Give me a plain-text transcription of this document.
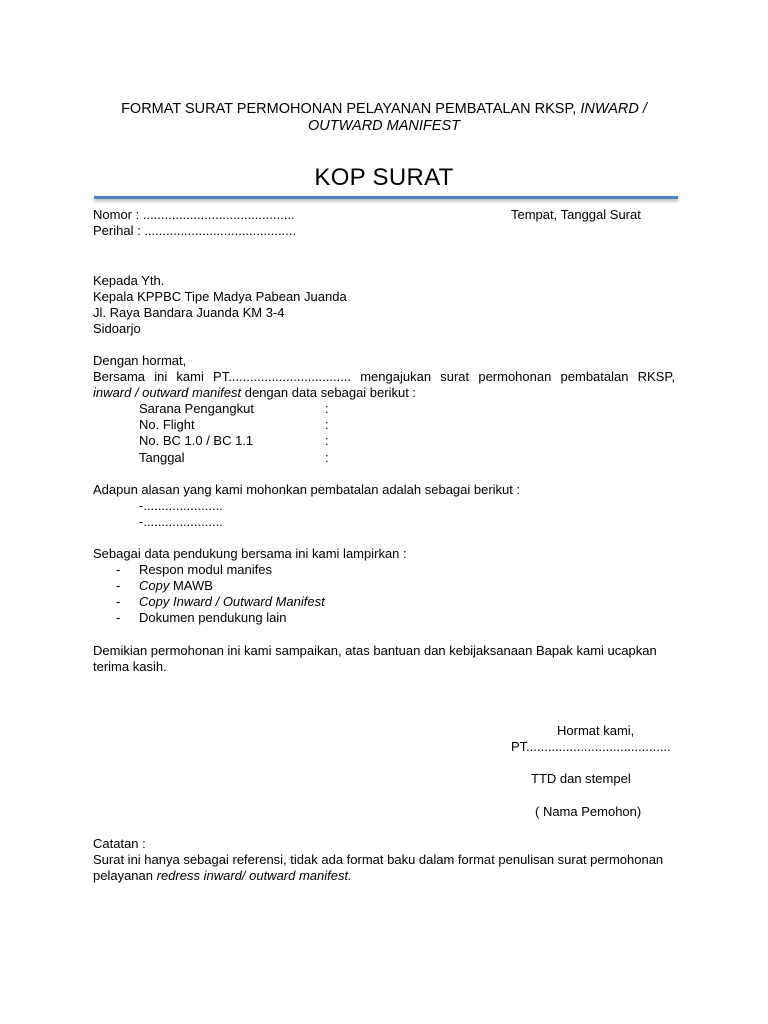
FORMAT SURAT PERMOHONAN PELAYANAN PEMBATALAN RKSP, INWARD /
OUTWARD MANIFEST
KOP SURAT
Nomor : ..........................................
Perihal : ..........................................
Tempat, Tanggal Surat
Kepada Yth.
Kepala KPPBC Tipe Madya Pabean Juanda
Jl. Raya Bandara Juanda KM 3-4
Sidoarjo
Dengan hormat,
Bersama ini kami PT.................................. mengajukan surat permohonan pembatalan RKSP,
inward / outward manifest dengan data sebagai berikut :
Sarana Pengangkut	:
No. Flight	:
No. BC 1.0 / BC 1.1	:
Tanggal	:
Adapun alasan yang kami mohonkan pembatalan adalah sebagai berikut :
-......................
-......................
Sebagai data pendukung bersama ini kami lampirkan :
- Respon modul manifes
- Copy MAWB
- Copy Inward / Outward Manifest
- Dokumen pendukung lain
Demikian permohonan ini kami sampaikan, atas bantuan dan kebijaksanaan Bapak kami ucapkan
terima kasih.
Hormat kami,
PT........................................
TTD dan stempel
( Nama Pemohon)
Catatan :
Surat ini hanya sebagai referensi, tidak ada format baku dalam format penulisan surat permohonan
pelayanan redress inward/ outward manifest.
